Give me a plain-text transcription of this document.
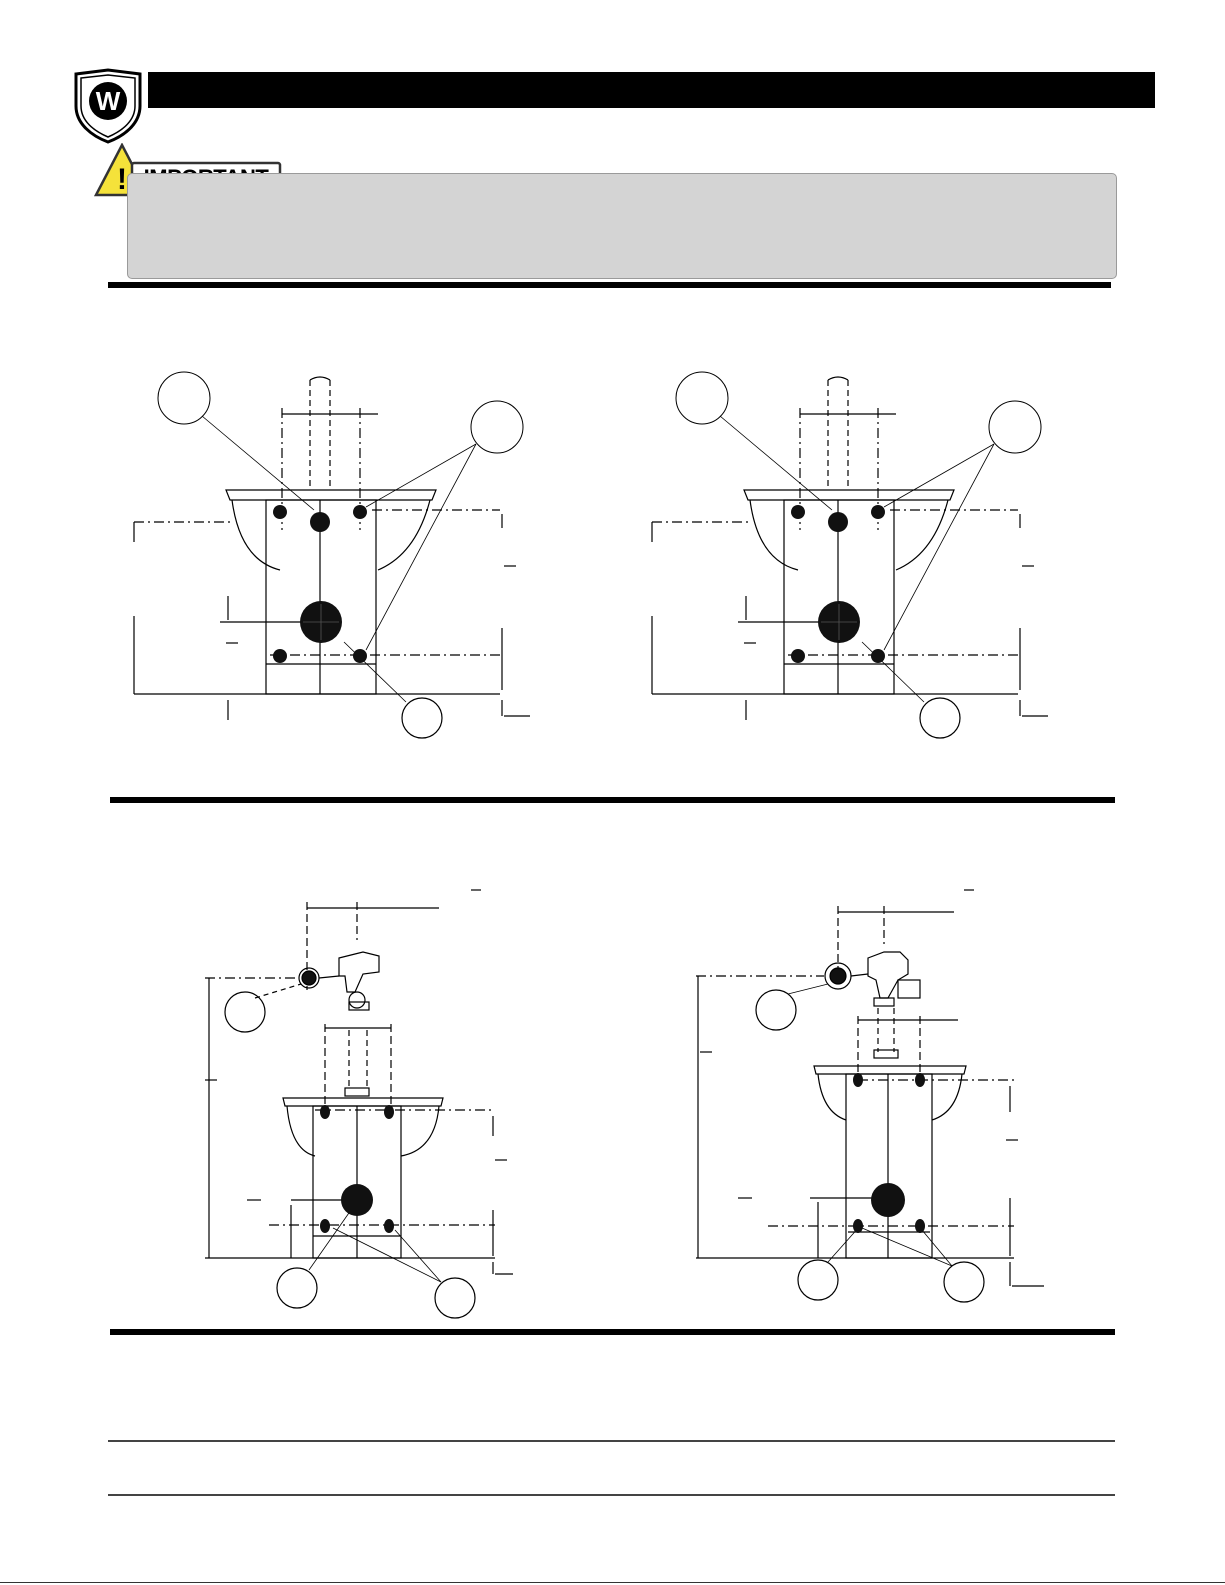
W
!
